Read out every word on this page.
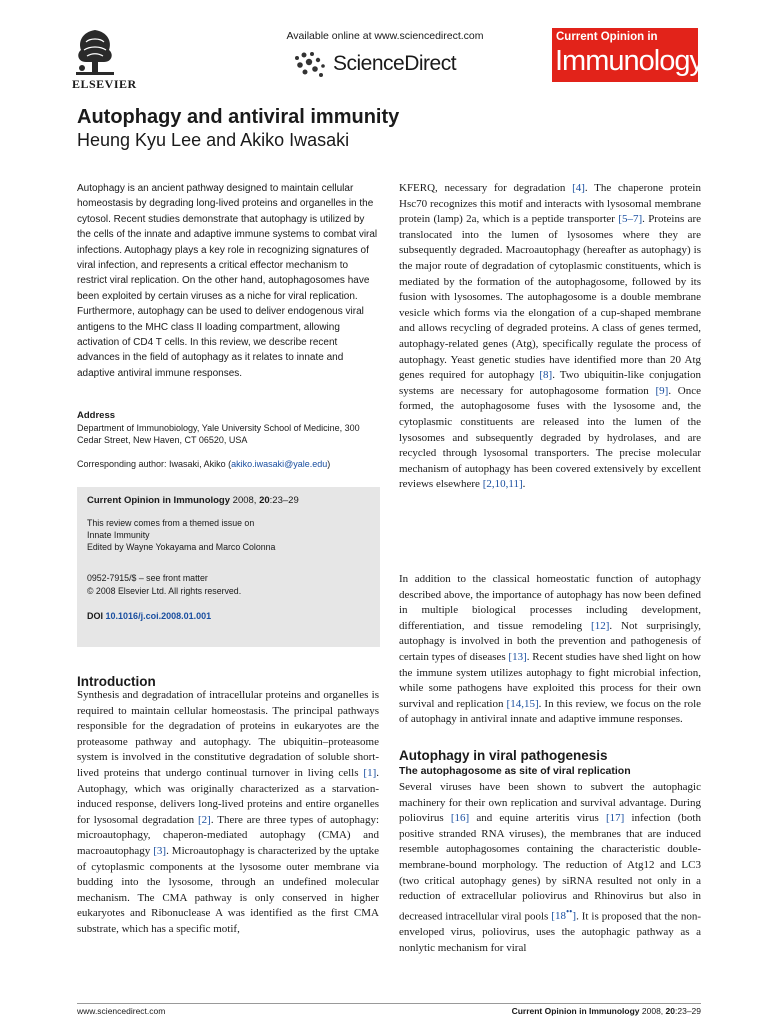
ELSEVIER
Available online at www.sciencedirect.com
ScienceDirect
Current Opinion in
Immunology
Autophagy and antiviral immunity
Heung Kyu Lee and Akiko Iwasaki
Autophagy is an ancient pathway designed to maintain cellular homeostasis by degrading long-lived proteins and organelles in the cytosol. Recent studies demonstrate that autophagy is utilized by the cells of the innate and adaptive immune systems to combat viral infections. Autophagy plays a key role in recognizing signatures of viral infection, and represents a critical effector mechanism to restrict viral replication. On the other hand, autophagosomes have been exploited by certain viruses as a niche for viral replication. Furthermore, autophagy can be used to deliver endogenous viral antigens to the MHC class II loading compartment, allowing activation of CD4 T cells. In this review, we describe recent advances in the field of autophagy as it relates to innate and adaptive antiviral immune responses.
Address
Department of Immunobiology, Yale University School of Medicine, 300 Cedar Street, New Haven, CT 06520, USA
Corresponding author: Iwasaki, Akiko (akiko.iwasaki@yale.edu)
Current Opinion in Immunology 2008, 20:23–29
This review comes from a themed issue on
Innate Immunity
Edited by Wayne Yokayama and Marco Colonna
0952-7915/$ – see front matter
© 2008 Elsevier Ltd. All rights reserved.
DOI 10.1016/j.coi.2008.01.001
Introduction
Synthesis and degradation of intracellular proteins and organelles is required to maintain cellular homeostasis. The principal pathways responsible for the degradation of proteins in eukaryotes are the proteasome pathway and autophagy. The ubiquitin–proteasome system is involved in the constitutive degradation of soluble short-lived proteins that undergo continual turnover in living cells [1]. Autophagy, which was originally characterized as a starvation-induced response, delivers long-lived proteins and entire organelles for lysosomal degradation [2]. There are three types of autophagy: microautophagy, chaperon-mediated autophagy (CMA) and macroautophagy [3]. Microautophagy is characterized by the uptake of cytoplasmic components at the lysosome outer membrane via budding into the lysosome, through an undefined molecular mechanism. The CMA pathway is only conserved in higher eukaryotes and Ribonuclease A was identified as the first CMA substrate, which has a specific motif,
KFERQ, necessary for degradation [4]. The chaperone protein Hsc70 recognizes this motif and interacts with lysosomal membrane protein (lamp) 2a, which is a peptide transporter [5–7]. Proteins are translocated into the lumen of lysosomes where they are subsequently degraded. Macroautophagy (hereafter as autophagy) is the major route of degradation of cytoplasmic constituents, which is mediated by the formation of the autophagosome, followed by its fusion with lysosomes. The autophagosome is a double membrane vesicle which forms via the elongation of a cup-shaped membrane and allows recycling of degraded proteins. A class of genes termed, autophagy-related genes (Atg), specifically regulate the process of autophagy. Yeast genetic studies have identified more than 20 Atg genes required for autophagy [8]. Two ubiquitin-like conjugation systems are necessary for autophagosome formation [9]. Once formed, the autophagosome fuses with the lysosome and, the cytoplasmic constituents are released into the lumen of the lysosomes and subsequently degraded by hydrolases, and are recycled through lysosomal transporters. The precise molecular mechanism of autophagy has been covered extensively by excellent reviews elsewhere [2,10,11].
In addition to the classical homeostatic function of autophagy described above, the importance of autophagy has now been defined in multiple biological processes including development, differentiation, and tissue remodeling [12]. Not surprisingly, autophagy is involved in both the prevention and pathogenesis of certain types of diseases [13]. Recent studies have shed light on how the immune system utilizes autophagy to fight microbial infection, while some pathogens have exploited this process for their own survival and replication [14,15]. In this review, we focus on the role of autophagy in antiviral innate and adaptive immune responses.
Autophagy in viral pathogenesis
The autophagosome as site of viral replication
Several viruses have been shown to subvert the autophagic machinery for their own replication and survival advantage. During poliovirus [16] and equine arteritis virus [17] infection (both positive stranded RNA viruses), the membranes that are induced resemble autophagosomes containing the characteristic double-membrane-bound morphology. The reduction of Atg12 and LC3 (two critical autophagy genes) by siRNA resulted not only in a reduction of extracellular poliovirus and Rhinovirus but also in decreased intracellular viral pools [18••]. It is proposed that the non-enveloped virus, poliovirus, uses the autophagic pathway as a nonlytic mechanism for viral
www.sciencedirect.com	Current Opinion in Immunology 2008, 20:23–29
